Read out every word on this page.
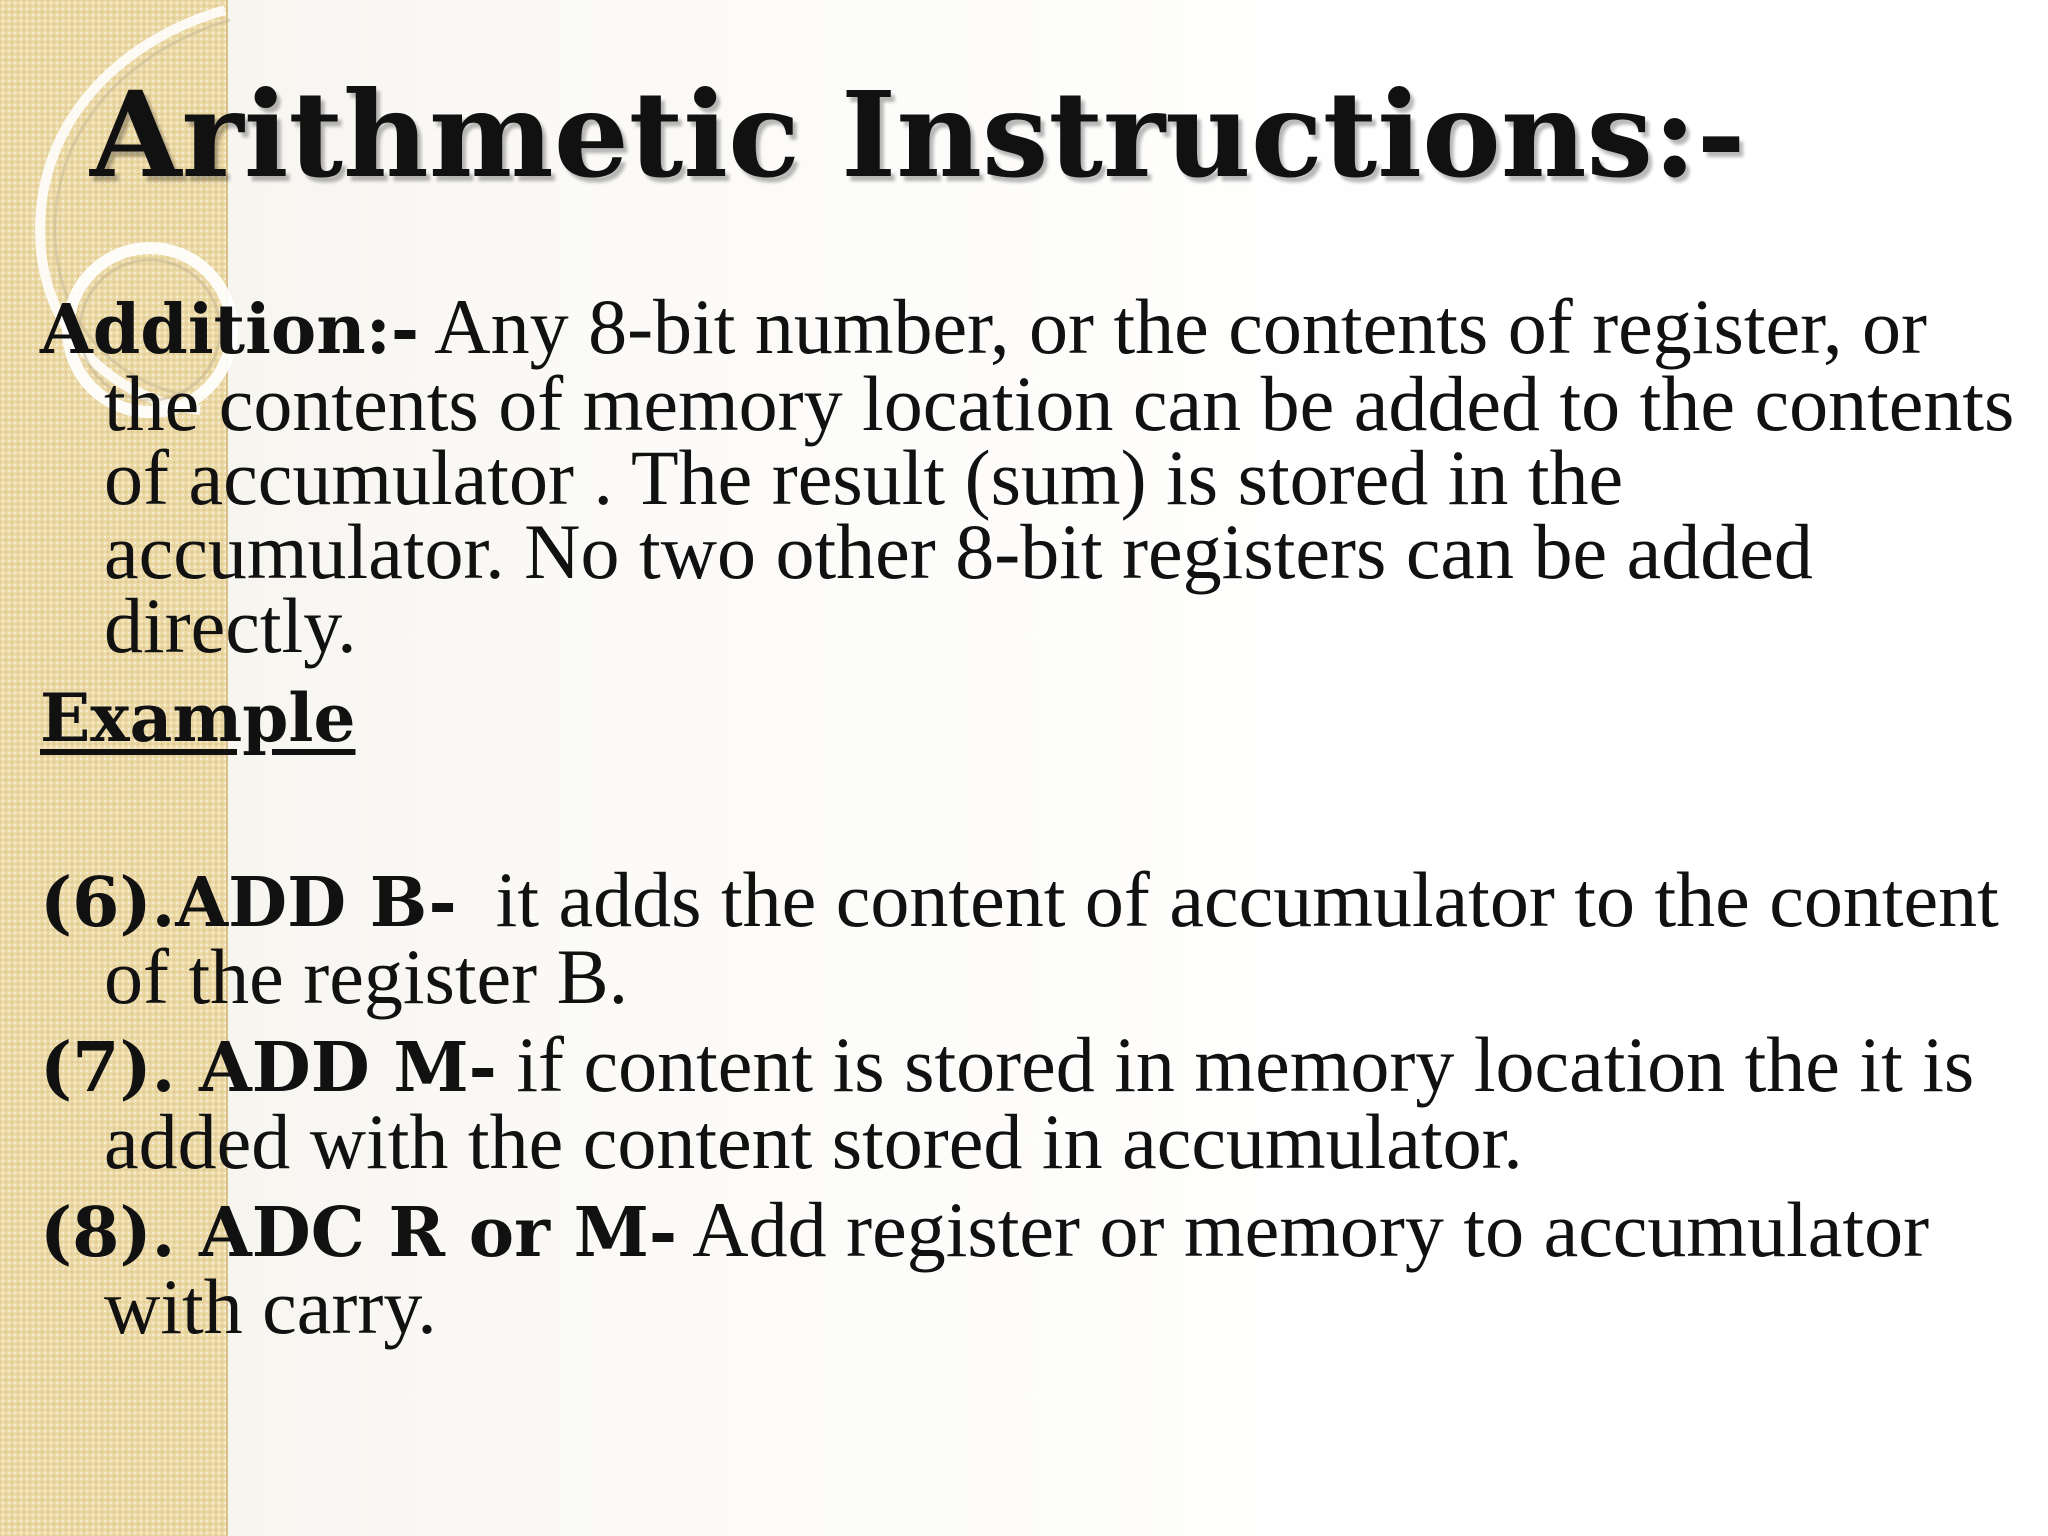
Arithmetic Instructions:-

Addition:- Any 8-bit number, or the contents of register, or the contents of memory location can be added to the contents of accumulator . The result (sum) is stored in the accumulator. No two other 8-bit registers can be added directly.

Example

(6).ADD B-  it adds the content of accumulator to the content of the register B.

(7). ADD M- if content is stored in memory location the it is added with the content stored in accumulator.

(8). ADC R or M- Add register or memory to accumulator    with carry.
